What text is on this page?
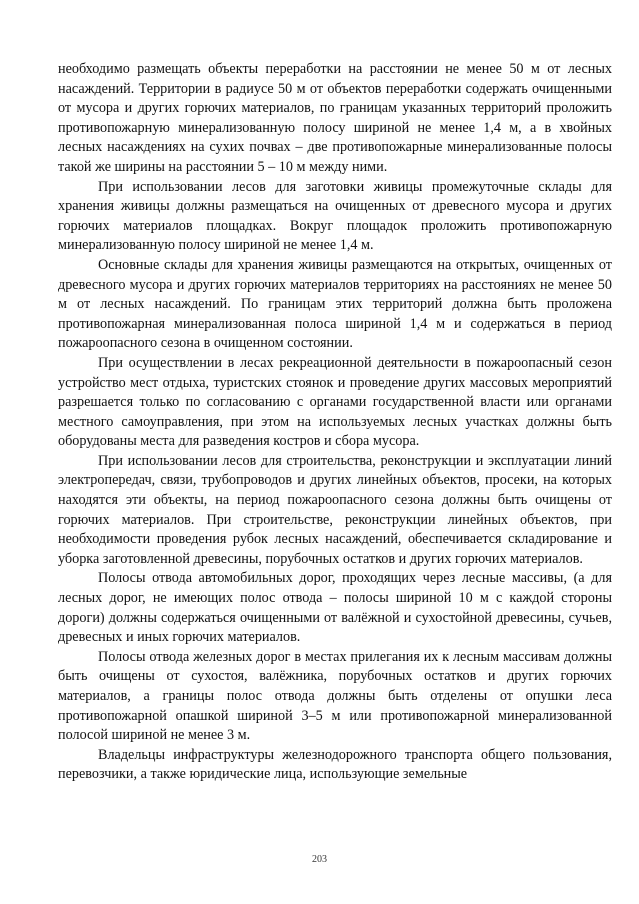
необходимо размещать объекты переработки на расстоянии не менее 50 м от лесных насаждений. Территории в радиусе 50 м от объектов переработки содержать очищенными от мусора и других горючих материалов, по границам указанных территорий проложить противопожарную минерализованную полосу шириной не менее 1,4 м, а в хвойных лесных насаждениях на сухих почвах – две противопожарные минерализованные полосы такой же ширины на расстоянии 5 – 10 м между ними.

При использовании лесов для заготовки живицы промежуточные склады для хранения живицы должны размещаться на очищенных от древесного мусора и других горючих материалов площадках. Вокруг площадок проложить противопожарную минерализованную полосу шириной не менее 1,4 м.

Основные склады для хранения живицы размещаются на открытых, очищенных от древесного мусора и других горючих материалов территориях на расстояниях не менее 50 м от лесных насаждений. По границам этих территорий должна быть проложена противопожарная минерализованная полоса шириной 1,4 м и содержаться в период пожароопасного сезона в очищенном состоянии.

При осуществлении в лесах рекреационной деятельности в пожароопасный сезон устройство мест отдыха, туристских стоянок и проведение других массовых мероприятий разрешается только по согласованию с органами государственной власти или органами местного самоуправления, при этом на используемых лесных участках должны быть оборудованы места для разведения костров и сбора мусора.

При использовании лесов для строительства, реконструкции и эксплуатации линий электропередач, связи, трубопроводов и других линейных объектов, просеки, на которых находятся эти объекты, на период пожароопасного сезона должны быть очищены от горючих материалов. При строительстве, реконструкции линейных объектов, при необходимости проведения рубок лесных насаждений, обеспечивается складирование и уборка заготовленной древесины, порубочных остатков и других горючих материалов.

Полосы отвода автомобильных дорог, проходящих через лесные массивы, (а для лесных дорог, не имеющих полос отвода – полосы шириной 10 м с каждой стороны дороги) должны содержаться очищенными от валёжной и сухостойной древесины, сучьев, древесных и иных горючих материалов.

Полосы отвода железных дорог в местах прилегания их к лесным массивам должны быть очищены от сухостоя, валёжника, порубочных остатков и других горючих материалов, а границы полос отвода должны быть отделены от опушки леса противопожарной опашкой шириной 3–5 м или противопожарной минерализованной полосой шириной не менее 3 м.

Владельцы инфраструктуры железнодорожного транспорта общего пользования, перевозчики, а также юридические лица, использующие земельные

203
